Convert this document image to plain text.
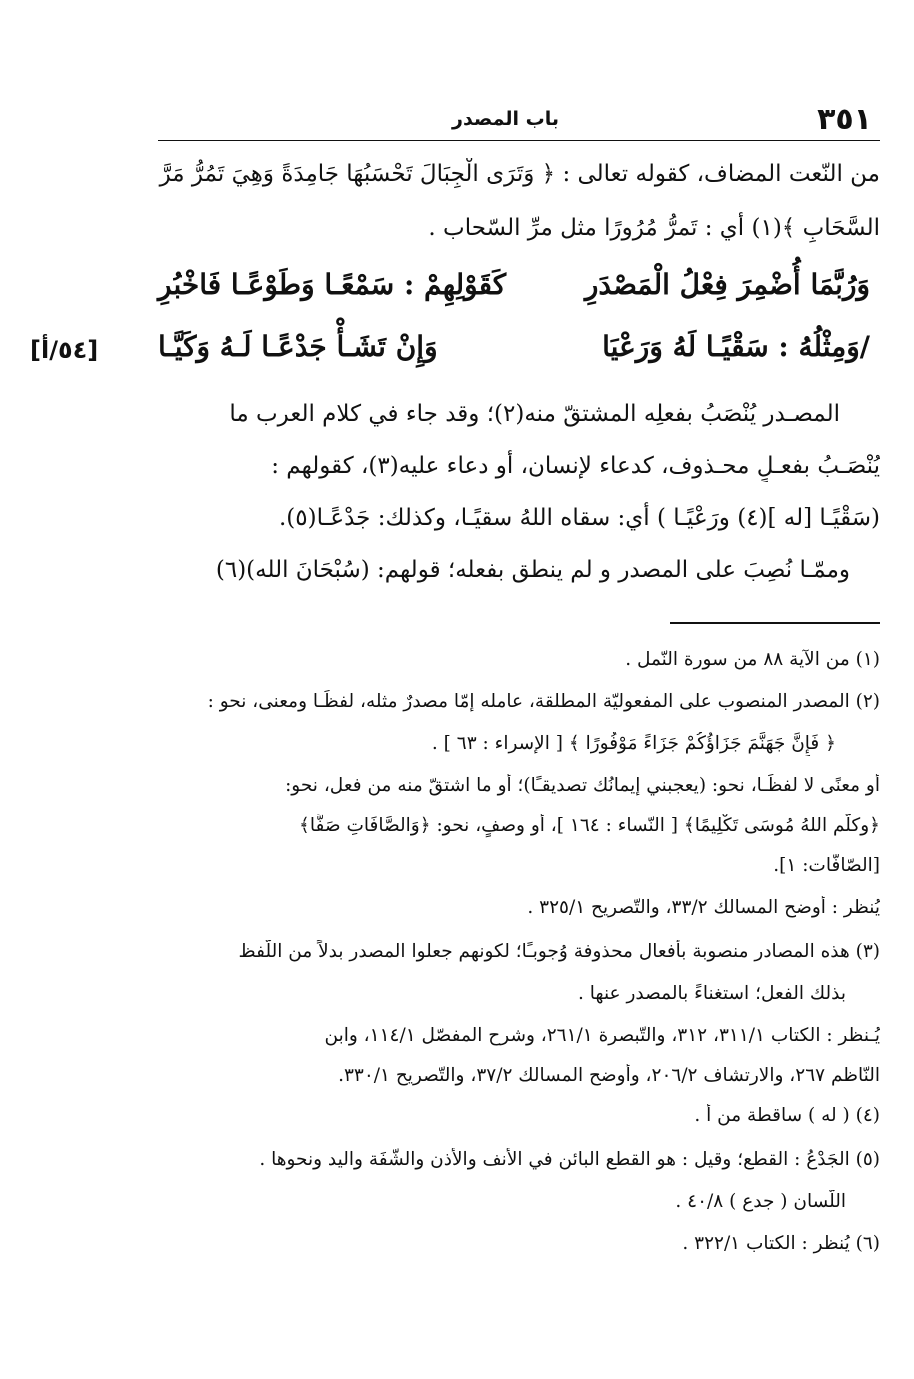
٣٥١
باب المصدر
من النّعت المضاف، كقوله تعالى : ﴿ وَتَرَى الْجِبَالَ تَحْسَبُهَا جَامِدَةً وَهِيَ تَمُرُّ مَرَّ
السَّحَابِ ﴾(١) أي : تَمرُّ مُرُورًا مثل مرِّ السّحاب .
وَرُبَّمَا أُضْمِرَ فِعْلُ الْمَصْدَرِ
كَقَوْلِهِمْ : سَمْعًـا وَطَوْعًـا فَاخْبُرِ
/وَمِثْلُهُ : سَقْيًـا لَهُ وَرَعْيَا
وَإِنْ تَشَـأْ جَدْعًـا لَـهُ وَكَيَّـا
[٥٤/أ]
المصـدر يُنْصَبُ بفعلِه المشتقّ منه(٢)؛ وقد جاء في كلام العرب ما
يُنْصَـبُ بفعـلٍ محـذوف، كدعاء لإنسان، أو دعاء عليه(٣)، كقولهم :
(سَقْيًـا [له ](٤) ورَعْيًـا ) أي: سقاه اللهُ سقيًـا، وكذلك: جَدْعًـا(٥).
وممّـا نُصِبَ على المصدر و لم ينطق بفعله؛ قولهم: (سُبْحَانَ الله)(٦)
(١) من الآية ٨٨ من سورة النّمل .
(٢) المصدر المنصوب على المفعوليّة المطلقة، عامله إمّا مصدرٌ مثله، لفظًـا ومعنى، نحو :
﴿ فَإِنَّ جَهَنَّمَ جَزَاؤُكُمْ جَزَاءً مَوْفُورًا ﴾ [ الإسراء : ٦٣ ] .
أو معنًى لا لفظًـا، نحو: (يعجبني إيمانُك تصديقـًا)؛ أو ما اشتقّ منه من فعل، نحو:
﴿وكلّم اللهُ مُوسَى تَكْلِيمًا﴾ [ النّساء : ١٦٤ ]، أو وصفٍ، نحو: ﴿وَالصَّافَاتِ صَفًّا﴾
[الصّافّات: ١].
يُنظر : أوضح المسالك ٣٣/٢، والتّصريح ٣٢٥/١ .
(٣) هذه المصادر منصوبة بأفعال محذوفة وُجوبـًا؛ لكونهم جعلوا المصدر بدلاً من اللّفظ
بذلك الفعل؛ استغناءً بالمصدر عنها .
يُـنظر : الكتاب ٣١١/١، ٣١٢، والتّبصرة ٢٦١/١، وشرح المفصّل ١١٤/١، وابن
النّاظم ٢٦٧، والارتشاف ٢٠٦/٢، وأوضح المسالك ٣٧/٢، والتّصريح ٣٣٠/١.
(٤) ( له ) ساقطة من أ .
(٥) الجَدْعُ : القطع؛ وقيل : هو القطع البائن في الأنف والأذن والشّفَة واليد ونحوها .
اللّسان ( جدع ) ٤٠/٨ .
(٦) يُنظر : الكتاب ٣٢٢/١ .
